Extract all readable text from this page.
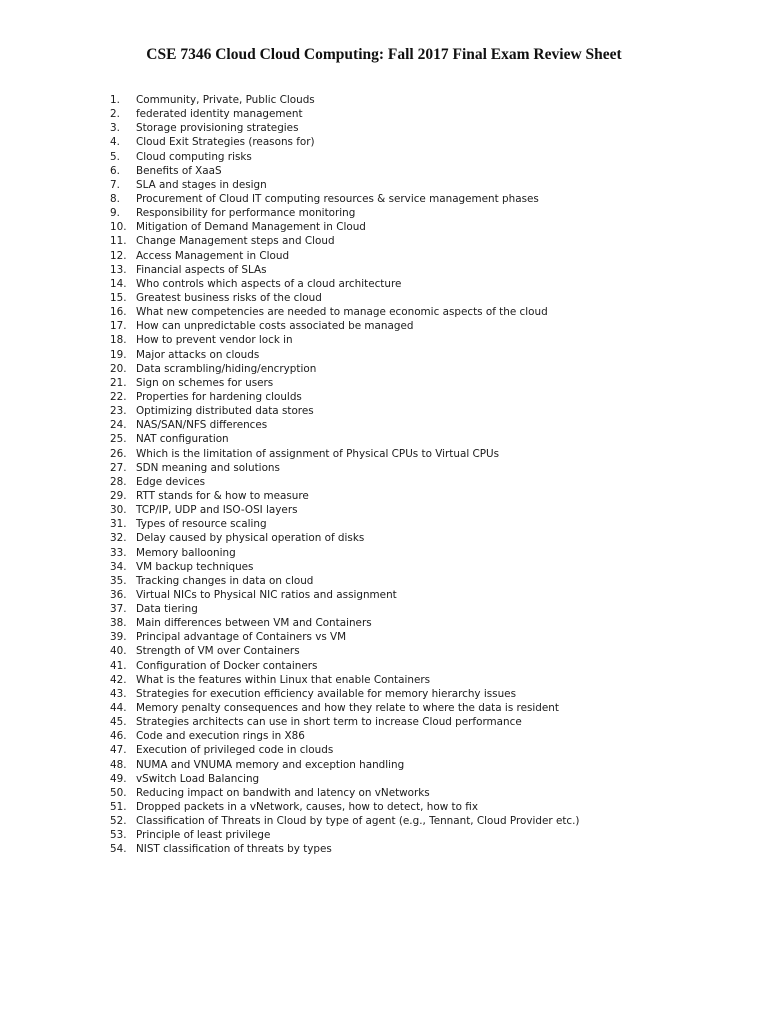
CSE 7346 Cloud Cloud Computing: Fall 2017 Final Exam Review Sheet
1.	Community, Private, Public Clouds
2.	federated identity management
3.	Storage provisioning strategies
4.	Cloud Exit Strategies (reasons for)
5.	Cloud computing risks
6.	Benefits of XaaS
7.	SLA and stages in design
8.	Procurement of Cloud IT computing resources & service management phases
9.	Responsibility for performance monitoring
10. Mitigation of Demand Management in Cloud
11. Change Management steps and Cloud
12. Access Management in Cloud
13. Financial aspects of SLAs
14. Who controls which aspects of a cloud architecture
15. Greatest business risks of the cloud
16. What new competencies are needed to manage economic aspects of the cloud
17. How can unpredictable costs associated be managed
18. How to prevent vendor lock in
19. Major attacks on clouds
20. Data scrambling/hiding/encryption
21. Sign on schemes for users
22. Properties for hardening cloulds
23. Optimizing distributed data stores
24. NAS/SAN/NFS differences
25. NAT configuration
26. Which is the limitation of assignment of Physical CPUs to Virtual CPUs
27. SDN meaning and solutions
28. Edge devices
29. RTT stands for & how to measure
30. TCP/IP, UDP and ISO-OSI layers
31. Types of resource scaling
32. Delay caused by physical operation of disks
33. Memory ballooning
34. VM backup techniques
35. Tracking changes in data on cloud
36. Virtual NICs to Physical NIC ratios and assignment
37. Data tiering
38. Main differences between VM and Containers
39. Principal advantage of Containers vs VM
40. Strength of VM over Containers
41. Configuration of Docker containers
42. What is the features within Linux that enable Containers
43. Strategies for execution efficiency available for memory hierarchy issues
44. Memory penalty consequences and how they relate to where the data is resident
45. Strategies architects can use in short term to increase Cloud performance
46. Code and execution rings in X86
47. Execution of privileged code in clouds
48. NUMA and VNUMA memory and exception handling
49. vSwitch Load Balancing
50. Reducing impact on bandwith and latency on vNetworks
51. Dropped packets in a vNetwork, causes, how to detect, how to fix
52. Classification of Threats in Cloud by type of agent (e.g., Tennant, Cloud Provider etc.)
53. Principle of least privilege
54. NIST classification of threats by types
